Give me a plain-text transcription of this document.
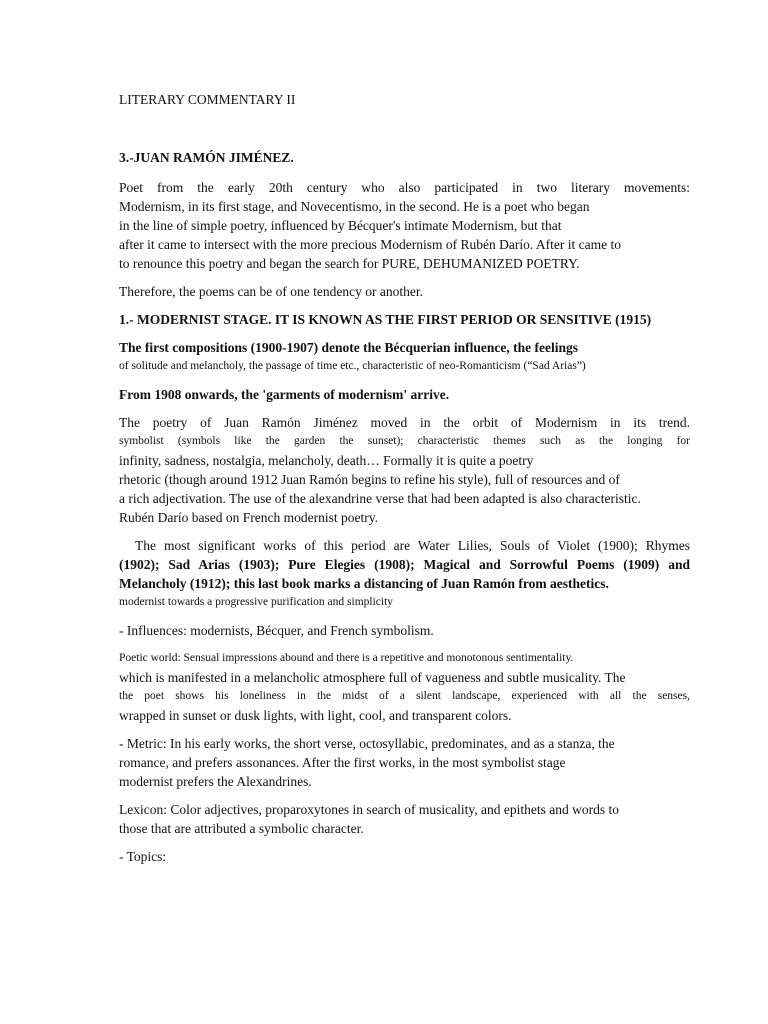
LITERARY COMMENTARY II
3.-JUAN RAMÓN JIMÉNEZ.
Poet from the early 20th century who also participated in two literary movements:
Modernism, in its first stage, and Novecentismo, in the second. He is a poet who began
in the line of simple poetry, influenced by Bécquer's intimate Modernism, but that
after it came to intersect with the more precious Modernism of Rubén Darío. After it came to
to renounce this poetry and began the search for PURE, DEHUMANIZED POETRY.
Therefore, the poems can be of one tendency or another.
1.- MODERNIST STAGE. IT IS KNOWN AS THE FIRST PERIOD OR SENSITIVE (1915)
The first compositions (1900-1907) denote the Bécquerian influence, the feelings
of solitude and melancholy, the passage of time etc., characteristic of neo-Romanticism (“Sad Arias”)
From 1908 onwards, the 'garments of modernism' arrive.
The poetry of Juan Ramón Jiménez moved in the orbit of Modernism in its trend.
symbolist (symbols like the garden the sunset); characteristic themes such as the longing for
infinity, sadness, nostalgia, melancholy, death… Formally it is quite a poetry
rhetoric (though around 1912 Juan Ramón begins to refine his style), full of resources and of
a rich adjectivation. The use of the alexandrine verse that had been adapted is also characteristic.
Rubén Darío based on French modernist poetry.
The most significant works of this period are Water Lilies, Souls of Violet (1900); Rhymes
(1902); Sad Arias (1903); Pure Elegies (1908); Magical and Sorrowful Poems (1909) and
Melancholy (1912); this last book marks a distancing of Juan Ramón from aesthetics.
modernist towards a progressive purification and simplicity
- Influences: modernists, Bécquer, and French symbolism.
Poetic world: Sensual impressions abound and there is a repetitive and monotonous sentimentality.
which is manifested in a melancholic atmosphere full of vagueness and subtle musicality. The
the poet shows his loneliness in the midst of a silent landscape, experienced with all the senses,
wrapped in sunset or dusk lights, with light, cool, and transparent colors.
- Metric: In his early works, the short verse, octosyllabic, predominates, and as a stanza, the
romance, and prefers assonances. After the first works, in the most symbolist stage
modernist prefers the Alexandrines.
Lexicon: Color adjectives, proparoxytones in search of musicality, and epithets and words to
those that are attributed a symbolic character.
- Topics:
